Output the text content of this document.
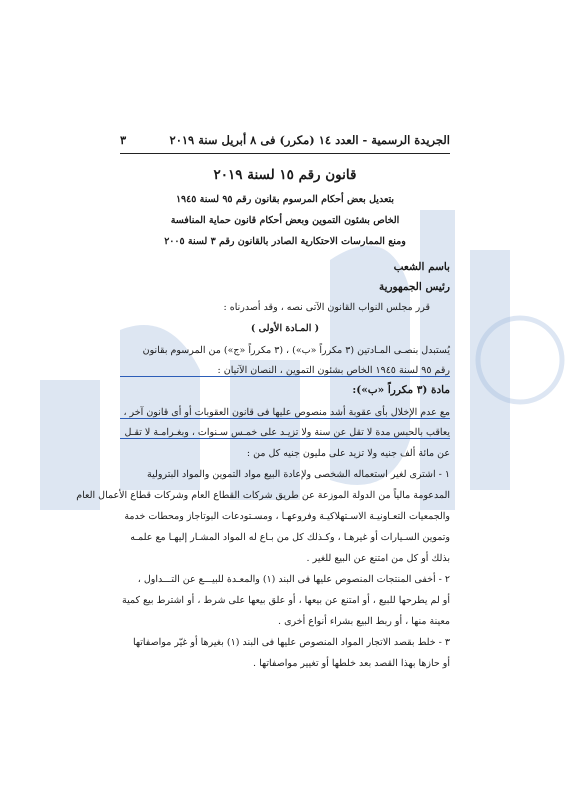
الجريدة الرسمية - العدد ١٤ (مكرر) فى ٨ أبريل سنة ٢٠١٩
٣
قانون رقم ١٥ لسنة ٢٠١٩
بتعديل بعض أحكام المرسوم بقانون رقم ٩٥ لسنة ١٩٤٥
الخاص بشئون التموين وبعض أحكام قانون حماية المنافسة
ومنع الممارسات الاحتكارية الصادر بالقانون رقم ٣ لسنة ٢٠٠٥
باسم الشعب
رئيس الجمهورية
قرر مجلس النواب القانون الآتى نصه ، وقد أصدرناه :
( المـادة الأولى )
يُستبدل بنصـى المـادتين (٣ مكرراً «ب») ، (٣ مكرراً «ج») من المرسوم بقانون
رقم ٩٥ لسنة ١٩٤٥ الخاص بشئون التموين ، النصان الآتيان :
مادة (٣ مكرراً «ب»):
مع عدم الإخلال بأى عقوبة أشد منصوص عليها فى قانون العقوبات أو أى قانون آخر ،
يعاقب بالحبس مدة لا تقل عن سنة ولا تزيـد على خمـس سـنوات ، وبغـرامـة لا تقـل
عن مائة ألف جنيه ولا تزيد على مليون جنيه كل من :
١ - اشترى لغير استعماله الشخصى ولإعادة البيع مواد التموين والمواد البترولية
المدعومة مالياً من الدولة الموزعة عن طريق شركات القطاع العام وشركات قطاع الأعمال العام
والجمعيات التعـاونيـة الاسـتهلاكيـة وفروعهـا ، ومسـتودعات البوتاجاز ومحطات خدمة
وتموين السـيارات أو غيرهـا ، وكـذلك كل من بـاع له المواد المشـار إليهـا مع علمـه
بذلك أو كل من امتنع عن البيع للغير .
٢ - أخفى المنتجات المنصوص عليها فى البند (١) والمعـدة للبيـــع عن التـــداول ،
أو لم يطرحها للبيع ، أو امتنع عن بيعها ، أو علق بيعها على شرط ، أو اشترط بيع كمية
معينة منها ، أو ربط البيع بشراء أنواع أخرى .
٣ - خلط بقصد الاتجار المواد المنصوص عليها فى البند (١) بغيرها أو غيّر مواصفاتها
أو حازها بهذا القصد بعد خلطها أو تغيير مواصفاتها .
